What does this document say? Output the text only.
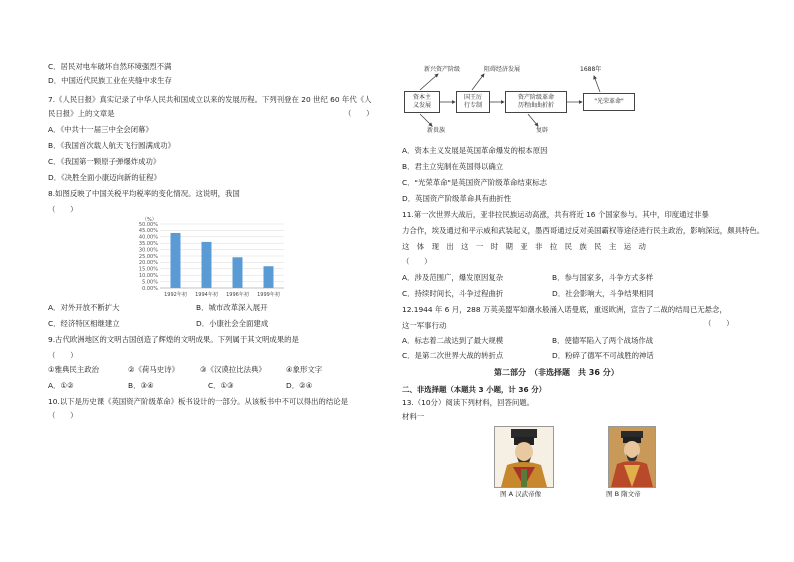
C．居民对电车破坏自然环境强烈不满
D．中国近代民族工业在夹缝中求生存
7.《人民日报》真实记录了中华人民共和国成立以来的发展历程。下列刊登在 20 世纪 60 年代《人
民日报》上的文章是	（　　）
A．《中共十一届三中全会闭幕》
B．《我国首次载人航天飞行圆满成功》
C．《我国第一颗原子弹爆炸成功》
D．《决胜全面小康迈向新的征程》
8.如图反映了中国关税平均税率的变化情况。这说明，我国
（　　）
（%）
0.00%
5.00%
10.00%
15.00%
20.00%
25.00%
30.00%
35.00%
40.00%
45.00%
50.00%
1992年初 1994年初 1996年初 1999年初
A．对外开放不断扩大	B．城市改革深入展开
C．经济特区相继建立	D．小康社会全面建成
9.古代欧洲地区的文明古国创造了辉煌的文明成果。下列属于其文明成果的是
（　　）
①雅典民主政治	②《荷马史诗》	③《汉谟拉比法典》	④象形文字
A．①②	B．③④	C．①③	D．②④
10.以下是历史课《英国资产阶级革命》板书设计的一部分。从该板书中不可以得出的结论是
（　　）
新兴资产阶级	阻碍经济发展	1688年
资本主
义发展
国王厉
行专制
资产阶级革命
历程曲曲折折
"光荣革命"
新贵族	复辟
A．资本主义发展是英国革命爆发的根本原因
B．君主立宪制在英国得以确立
C．"光荣革命"是英国资产阶级革命结束标志
D．英国资产阶级革命具有曲折性
11.第一次世界大战后，亚非拉民族运动高涨，共有将近 16 个国家参与。其中，印度通过非暴
力合作，埃及通过和平示威和武装起义，墨西哥通过反对美国霸权等途径进行民主政治，影响深远，颇具特色。
这　体　现　出　这　一　时　期　亚　非　拉　民　族　民　主　运　动
（　　）
A．涉及范围广，爆发原因复杂	B．参与国家多，斗争方式多样
C．持续时间长，斗争过程曲折	D．社会影响大，斗争结果相同
12.1944 年 6 月，288 万英美盟军如潮水般涌入诺曼底，重返欧洲，宣告了二战的结局已无悬念，
这一军事行动	（　　）
A．标志着二战达到了最大规模	B．使德军陷入了两个战场作战
C．是第二次世界大战的转折点	D．粉碎了德军不可战胜的神话
第二部分　（非选择题　共 36 分）
二、非选择题（本题共 3 小题，计 36 分）
13.（10分）阅读下列材料，回答问题。
材料一
图 A 汉武帝像	图 B 隋文帝
